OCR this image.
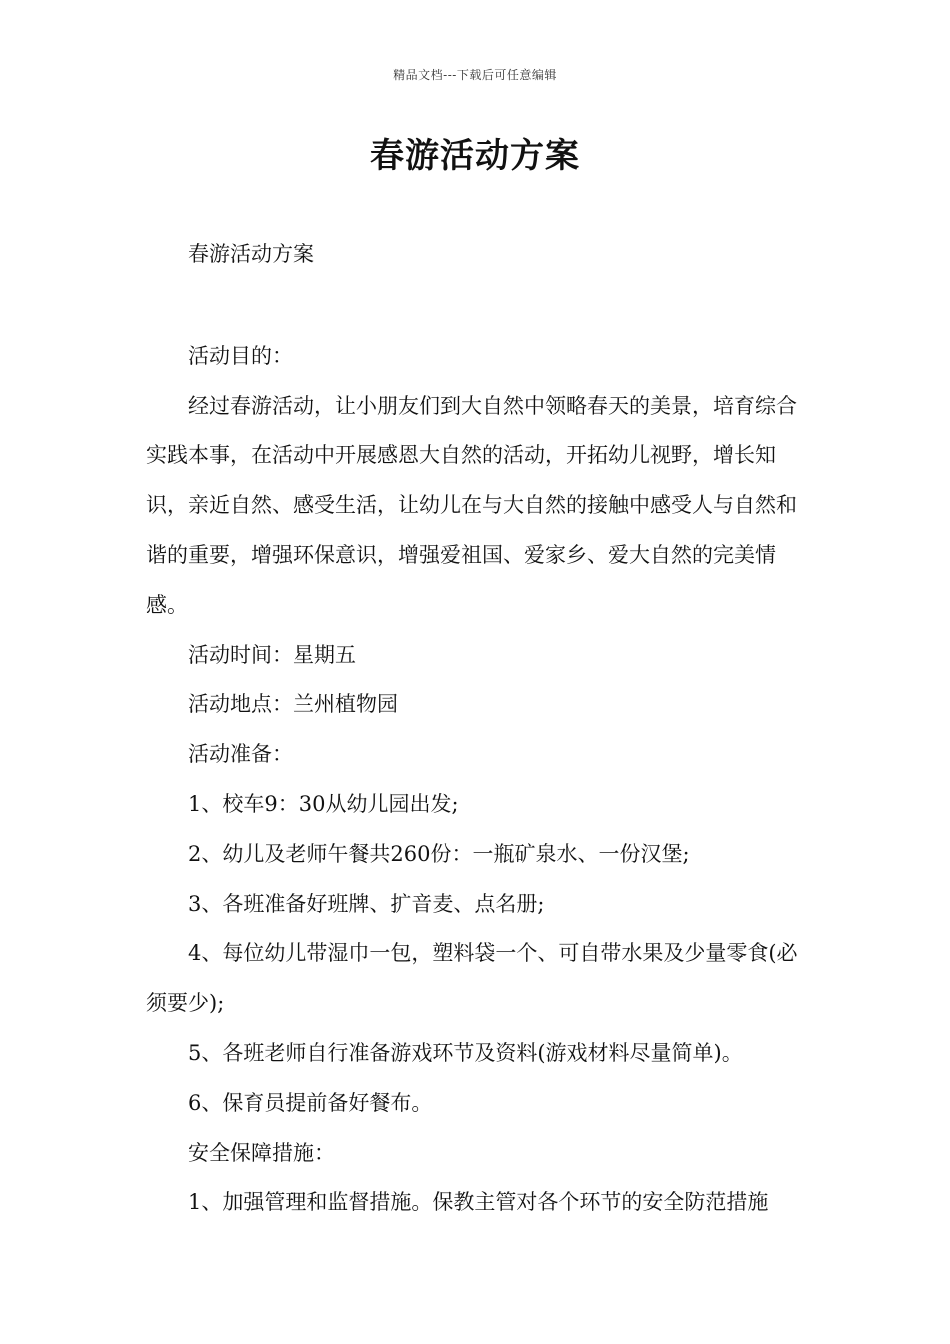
精品文档---下载后可任意编辑
春游活动方案

春游活动方案

活动目的：

经过春游活动，让小朋友们到大自然中领略春天的美景，培育综合实践本事，在活动中开展感恩大自然的活动，开拓幼儿视野，增长知识，亲近自然、感受生活，让幼儿在与大自然的接触中感受人与自然和谐的重要，增强环保意识，增强爱祖国、爱家乡、爱大自然的完美情感。

活动时间：星期五

活动地点：兰州植物园

活动准备：

1、校车9：30从幼儿园出发;

2、幼儿及老师午餐共260份：一瓶矿泉水、一份汉堡;

3、各班准备好班牌、扩音麦、点名册;

4、每位幼儿带湿巾一包，塑料袋一个、可自带水果及少量零食(必须要少);

5、各班老师自行准备游戏环节及资料(游戏材料尽量简单)。

6、保育员提前备好餐布。

安全保障措施：

1、加强管理和监督措施。保教主管对各个环节的安全防范措施
